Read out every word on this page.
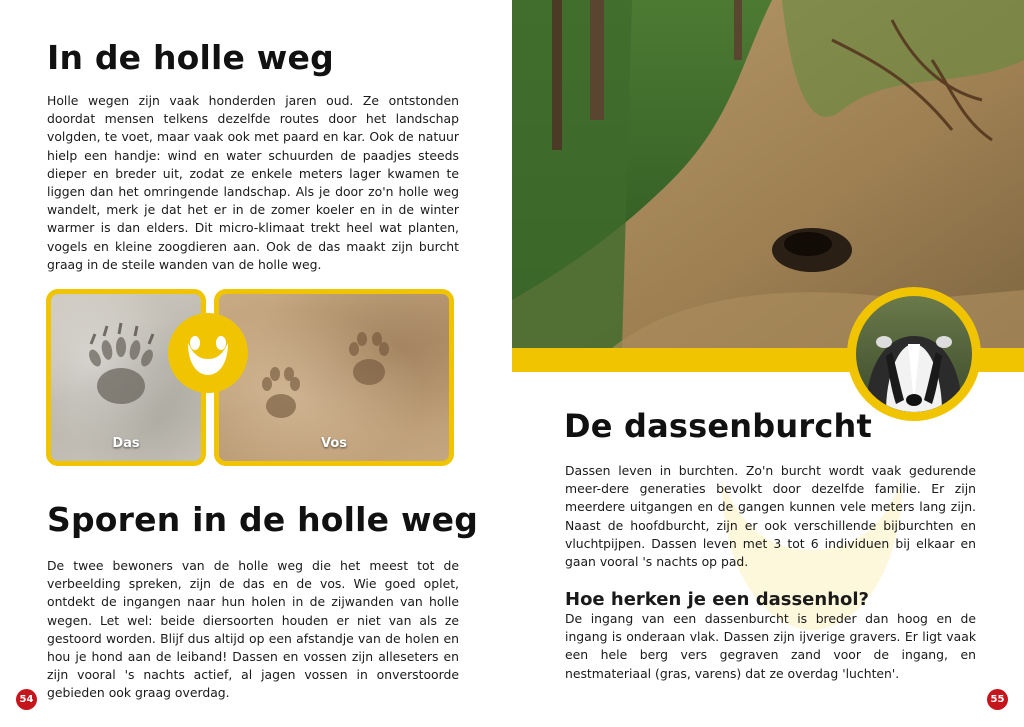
In de holle weg

Holle wegen zijn vaak honderden jaren oud. Ze ontstonden doordat mensen telkens dezelfde routes door het landschap volgden, te voet, maar vaak ook met paard en kar. Ook de natuur hielp een handje: wind en water schuurden de paadjes steeds dieper en breder uit, zodat ze enkele meters lager kwamen te liggen dan het omringende landschap. Als je door zo'n holle weg wandelt, merk je dat het er in de zomer koeler en in de winter warmer is dan elders. Dit micro-klimaat trekt heel wat planten, vogels en kleine zoogdieren aan. Ook de das maakt zijn burcht graag in de steile wanden van de holle weg.

Das	Vos
Sporen in de holle weg

De twee bewoners van de holle weg die het meest tot de verbeelding spreken, zijn de das en de vos. Wie goed oplet, ontdekt de ingangen naar hun holen in de zijwanden van holle wegen. Let wel: beide diersoorten houden er niet van als ze gestoord worden. Blijf dus altijd op een afstandje van de holen en hou je hond aan de leiband! Dassen en vossen zijn alleseters en zijn vooral 's nachts actief, al jagen vossen in onverstoorde gebieden ook graag overdag.

54
De dassenburcht

Dassen leven in burchten. Zo'n burcht wordt vaak gedurende meer-dere generaties bevolkt door dezelfde familie. Er zijn meerdere uitgangen en de gangen kunnen vele meters lang zijn. Naast de hoofdburcht, zijn er ook verschillende bijburchten en vluchtpijpen. Dassen leven met 3 tot 6 individuen bij elkaar en gaan vooral 's nachts op pad.

Hoe herken je een dassenhol?

De ingang van een dassenburcht is breder dan hoog en de ingang is onderaan vlak. Dassen zijn ijverige gravers. Er ligt vaak een hele berg vers gegraven zand voor de ingang, en nestmateriaal (gras, varens) dat ze overdag 'luchten'.

55
